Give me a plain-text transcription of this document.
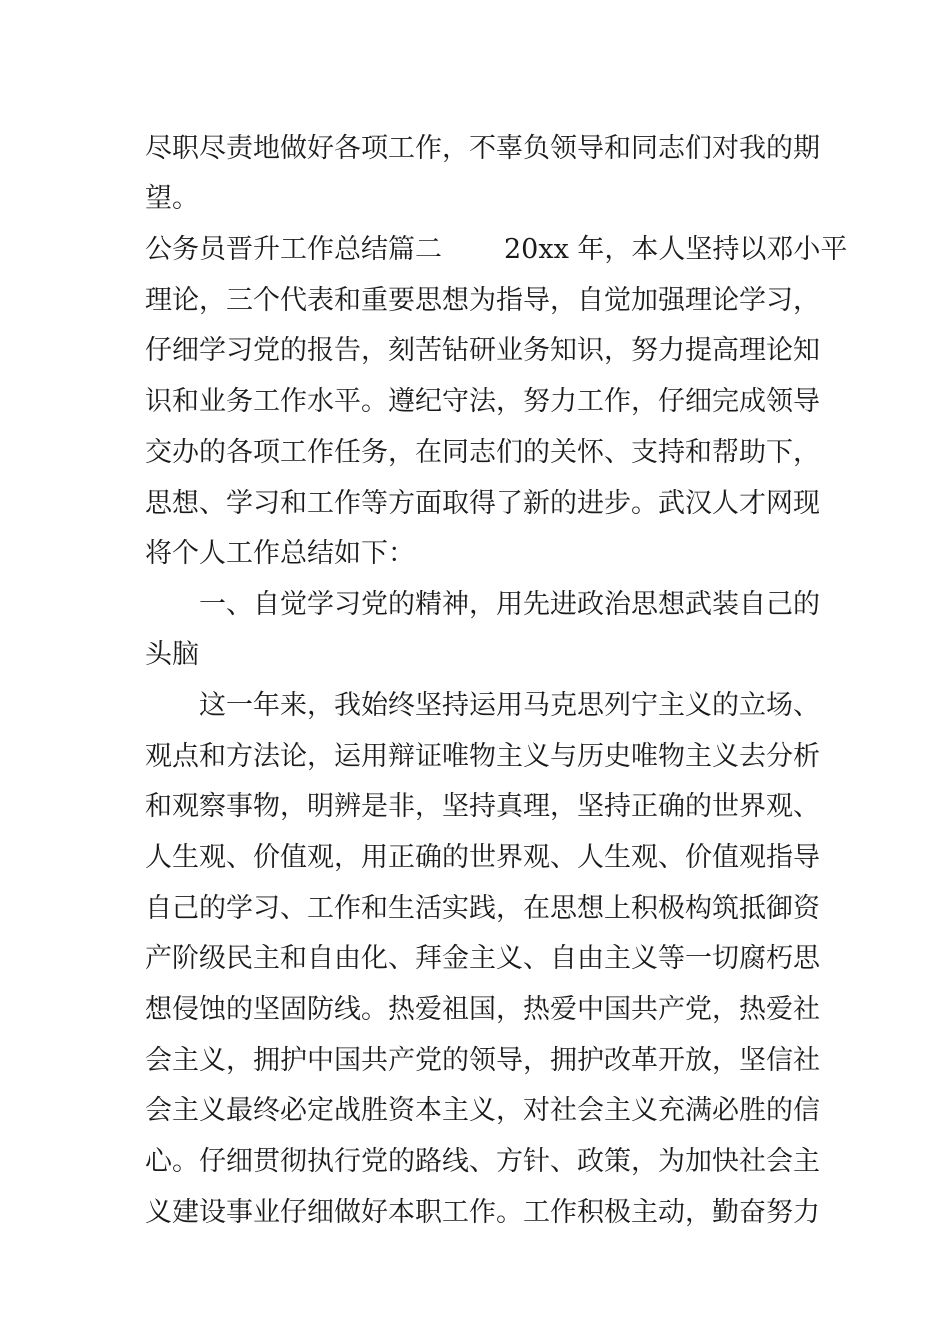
尽职尽责地做好各项工作，不辜负领导和同志们对我的期
望。
公务员晋升工作总结篇二 20xx 年，本人坚持以邓小平
理论，三个代表和重要思想为指导，自觉加强理论学习，
仔细学习党的报告，刻苦钻研业务知识，努力提高理论知
识和业务工作水平。遵纪守法，努力工作，仔细完成领导
交办的各项工作任务，在同志们的关怀、支持和帮助下，
思想、学习和工作等方面取得了新的进步。武汉人才网现
将个人工作总结如下：
一、自觉学习党的精神，用先进政治思想武装自己的
头脑
这一年来，我始终坚持运用马克思列宁主义的立场、
观点和方法论，运用辩证唯物主义与历史唯物主义去分析
和观察事物，明辨是非，坚持真理，坚持正确的世界观、
人生观、价值观，用正确的世界观、人生观、价值观指导
自己的学习、工作和生活实践，在思想上积极构筑抵御资
产阶级民主和自由化、拜金主义、自由主义等一切腐朽思
想侵蚀的坚固防线。热爱祖国，热爱中国共产党，热爱社
会主义，拥护中国共产党的领导，拥护改革开放，坚信社
会主义最终必定战胜资本主义，对社会主义充满必胜的信
心。仔细贯彻执行党的路线、方针、政策，为加快社会主
义建设事业仔细做好本职工作。工作积极主动，勤奋努力
